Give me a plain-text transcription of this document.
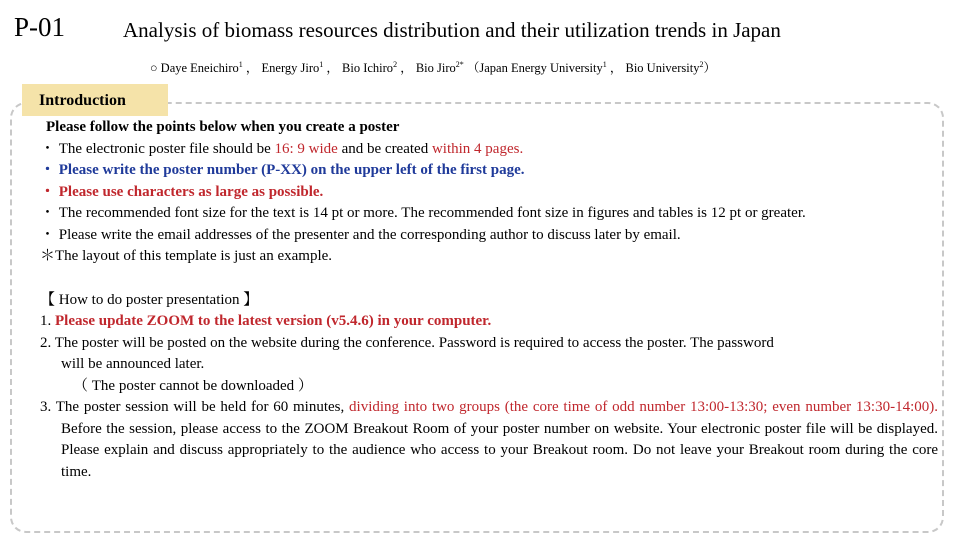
P-01	Analysis of biomass resources distribution and their utilization trends in Japan
○ Daye Eneichiro$^1$ ， Energy Jiro$^1$ ， Bio Ichiro$^2$ ， Bio Jiro$^{2*}$ （Japan Energy University$^1$ ， Bio University$^2$）
Introduction

Please follow the points below when you create a poster

・ The electronic poster file should be 16: 9 wide and be created within 4 pages.

・ Please write the poster number (P-XX) on the upper left of the first page.

・ Please use characters as large as possible.

・ The recommended font size for the text is 14 pt or more. The recommended font size in figures and tables is 12 pt or greater.

・ Please write the email addresses of the presenter and the corresponding author to discuss later by email.

＊The layout of this template is just an example.

【 How to do poster presentation 】

1. Please update ZOOM to the latest version (v5.4.6) in your computer.

2. The poster will be posted on the website during the conference. Password is required to access the poster. The password

will be announced later.

（ The poster cannot be downloaded ）

3. The poster session will be held for 60 minutes, dividing into two groups (the core time of odd number 13:00-13:30; even number 13:30-14:00). Before the session, please access to the ZOOM Breakout Room of your poster number on website. Your electronic poster file will be displayed. Please explain and discuss appropriately to the audience who access to your Breakout room. Do not leave your Breakout room during the core time.
